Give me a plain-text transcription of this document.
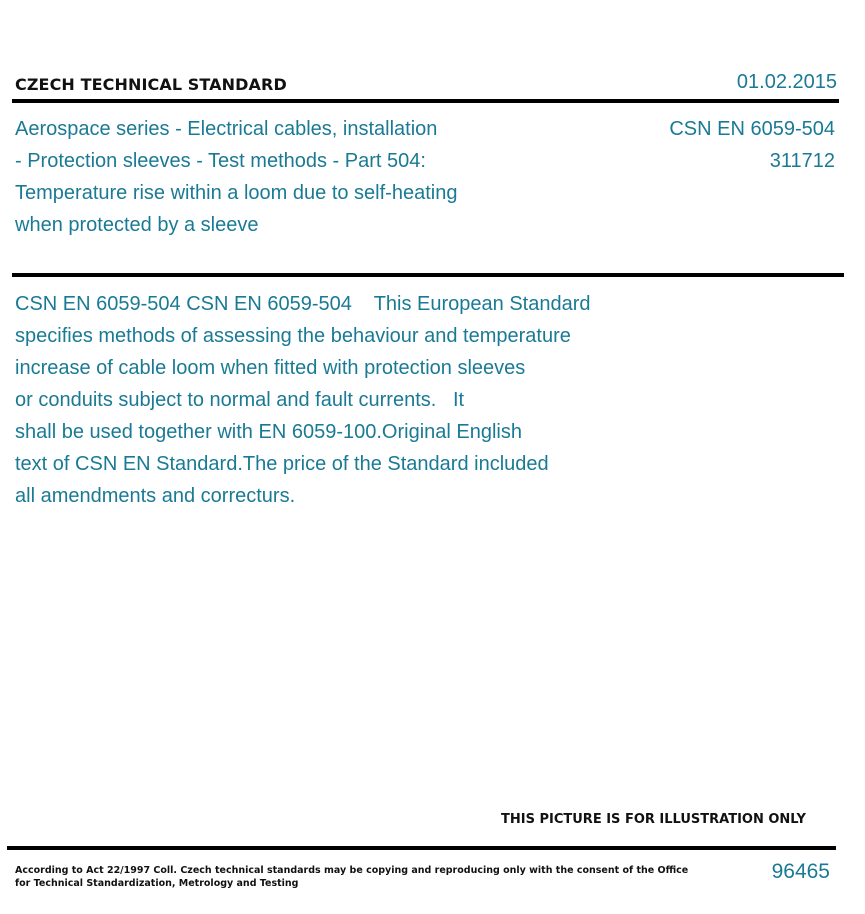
CZECH TECHNICAL STANDARD	01.02.2015
Aerospace series - Electrical cables, installation
- Protection sleeves - Test methods - Part 504:
Temperature rise within a loom due to self-heating
when protected by a sleeve
CSN EN 6059-504
311712
CSN EN 6059-504 CSN EN 6059-504    This European Standard
specifies methods of assessing the behaviour and temperature
increase of cable loom when fitted with protection sleeves
or conduits subject to normal and fault currents.   It
shall be used together with EN 6059-100.Original English
text of CSN EN Standard.The price of the Standard included
all amendments and correcturs.
THIS PICTURE IS FOR ILLUSTRATION ONLY
According to Act 22/1997 Coll. Czech technical standards may be copying and reproducing only with the consent of the Office
for Technical Standardization, Metrology and Testing
96465
